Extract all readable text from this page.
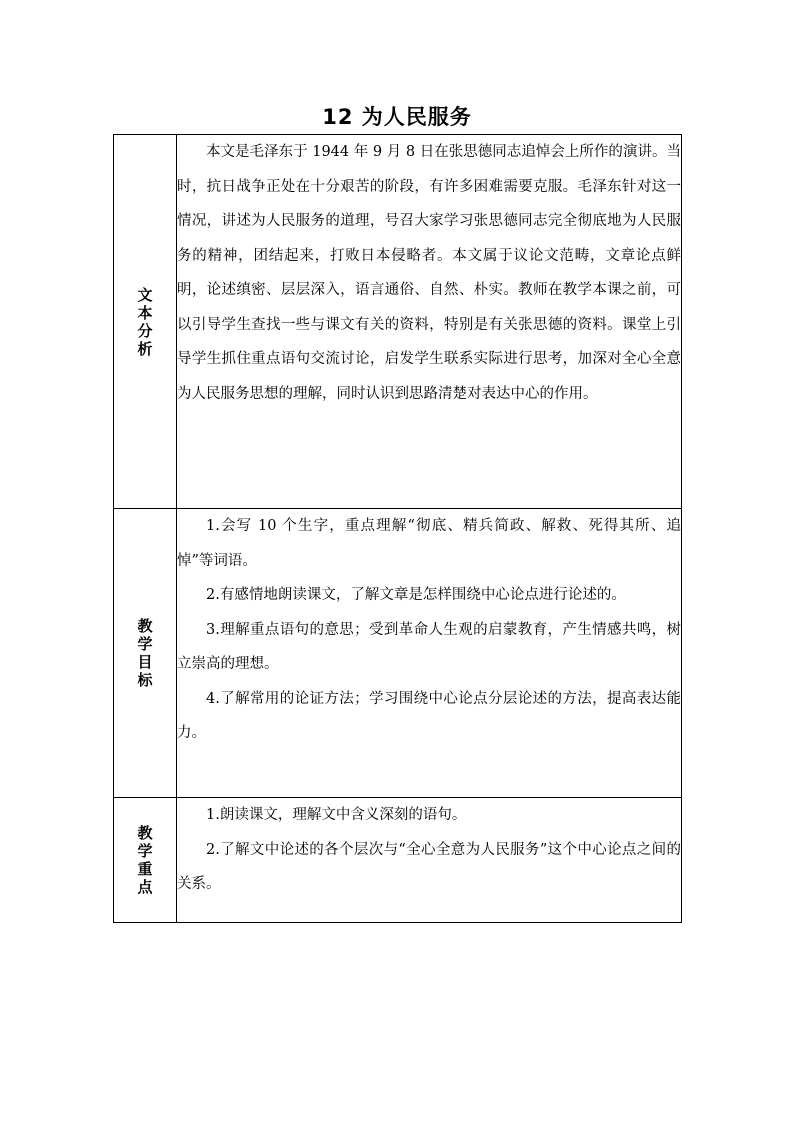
12 为人民服务
文本分析	本文是毛泽东于 1944 年 9 月 8 日在张思德同志追悼会上所作的演讲。当时，抗日战争正处在十分艰苦的阶段，有许多困难需要克服。毛泽东针对这一情况，讲述为人民服务的道理，号召大家学习张思德同志完全彻底地为人民服务的精神，团结起来，打败日本侵略者。本文属于议论文范畴，文章论点鲜明，论述缜密、层层深入，语言通俗、自然、朴实。教师在教学本课之前，可以引导学生查找一些与课文有关的资料，特别是有关张思德的资料。课堂上引导学生抓住重点语句交流讨论，启发学生联系实际进行思考，加深对全心全意为人民服务思想的理解，同时认识到思路清楚对表达中心的作用。

教学目标	1.会写 10 个生字，重点理解“彻底、精兵简政、解救、死得其所、追悼”等词语。

2.有感情地朗读课文，了解文章是怎样围绕中心论点进行论述的。

3.理解重点语句的意思；受到革命人生观的启蒙教育，产生情感共鸣，树立崇高的理想。

4.了解常用的论证方法；学习围绕中心论点分层论述的方法，提高表达能力。

教学重点	1.朗读课文，理解文中含义深刻的语句。

2.了解文中论述的各个层次与“全心全意为人民服务”这个中心论点之间的关系。
